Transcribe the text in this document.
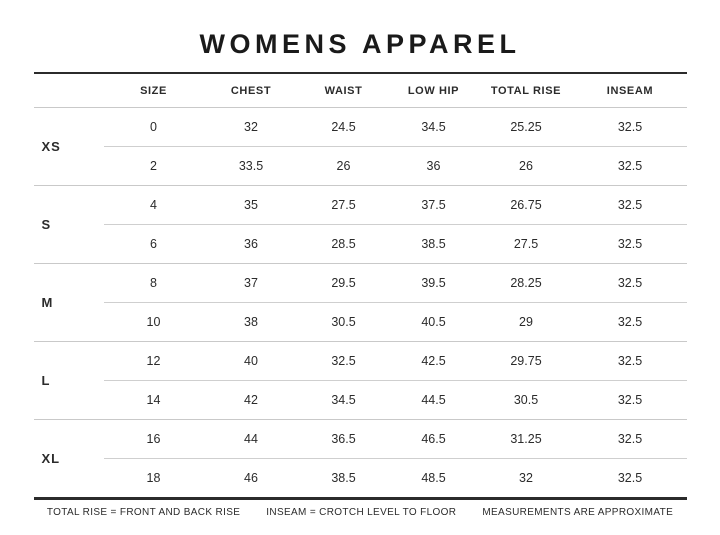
WOMENS APPAREL
	SIZE	CHEST	WAIST	LOW HIP	TOTAL RISE	INSEAM
XS	0	32	24.5	34.5	25.25	32.5
	2	33.5	26	36	26	32.5
S	4	35	27.5	37.5	26.75	32.5
	6	36	28.5	38.5	27.5	32.5
M	8	37	29.5	39.5	28.25	32.5
	10	38	30.5	40.5	29	32.5
L	12	40	32.5	42.5	29.75	32.5
	14	42	34.5	44.5	30.5	32.5
XL	16	44	36.5	46.5	31.25	32.5
	18	46	38.5	48.5	32	32.5
TOTAL RISE = FRONT AND BACK RISE	INSEAM = CROTCH LEVEL TO FLOOR	MEASUREMENTS ARE APPROXIMATE
